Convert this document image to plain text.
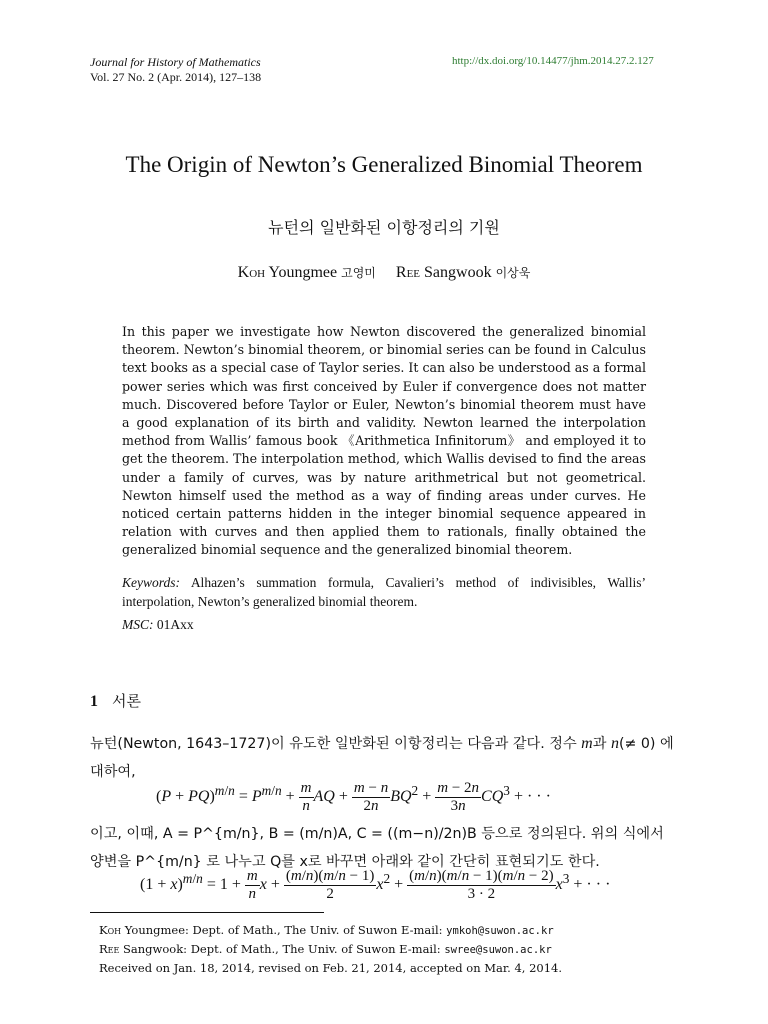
Journal for History of Mathematics
Vol. 27 No. 2 (Apr. 2014), 127–138
http://dx.doi.org/10.14477/jhm.2014.27.2.127
The Origin of Newton’s Generalized Binomial Theorem
뉴턴의 일반화된 이항정리의 기원
Koh Youngmee 고영미 Ree Sangwook 이상욱
In this paper we investigate how Newton discovered the generalized binomial theorem. Newton’s binomial theorem, or binomial series can be found in Calculus text books as a special case of Taylor series. It can also be understood as a formal power series which was first conceived by Euler if convergence does not matter much. Discovered before Taylor or Euler, Newton’s binomial theorem must have a good explanation of its birth and validity. Newton learned the interpolation method from Wallis’ famous book 《Arithmetica Infinitorum》 and employed it to get the theorem. The interpolation method, which Wallis devised to find the areas under a family of curves, was by nature arithmetrical but not geometrical. Newton himself used the method as a way of finding areas under curves. He noticed certain patterns hidden in the integer binomial sequence appeared in relation with curves and then applied them to rationals, finally obtained the generalized binomial sequence and the generalized binomial theorem.
Keywords: Alhazen’s summation formula, Cavalieri’s method of indivisibles, Wallis’ interpolation, Newton’s generalized binomial theorem.
MSC: 01Axx
1 서론
뉴턴(Newton, 1643–1727)이 유도한 일반화된 이항정리는 다음과 같다. 정수 m과 n(≠ 0) 에 대하여,
$(P + PQ)^{m/n} = P^{m/n} + \frac{m}{n}$ AQ + $\frac{m - n}{2n} BQ^2 + \frac{m - 2n}{3n} CQ^3$ + · · ·
이고, 이때, A = P^{m/n}, B = (m/n)A, C = ((m−n)/2n)B 등으로 정의된다. 위의 식에서 양변을 P^{m/n} 로 나누고 Q를 x로 바꾸면 아래와 같이 간단히 표현되기도 한다.
$(1 + x)^{m/n} = 1 + \frac{m}{n}$ $x + \frac{(m/n)(m/n - 1)}{2} x^2 + \frac{(m/n)(m/n - 1)(m/n - 2)}{3 \cdot 2} x^3$ + · · ·
Koh Youngmee: Dept. of Math., The Univ. of Suwon E-mail: ymkoh@suwon.ac.kr
Ree Sangwook: Dept. of Math., The Univ. of Suwon E-mail: swree@suwon.ac.kr
Received on Jan. 18, 2014, revised on Feb. 21, 2014, accepted on Mar. 4, 2014.
